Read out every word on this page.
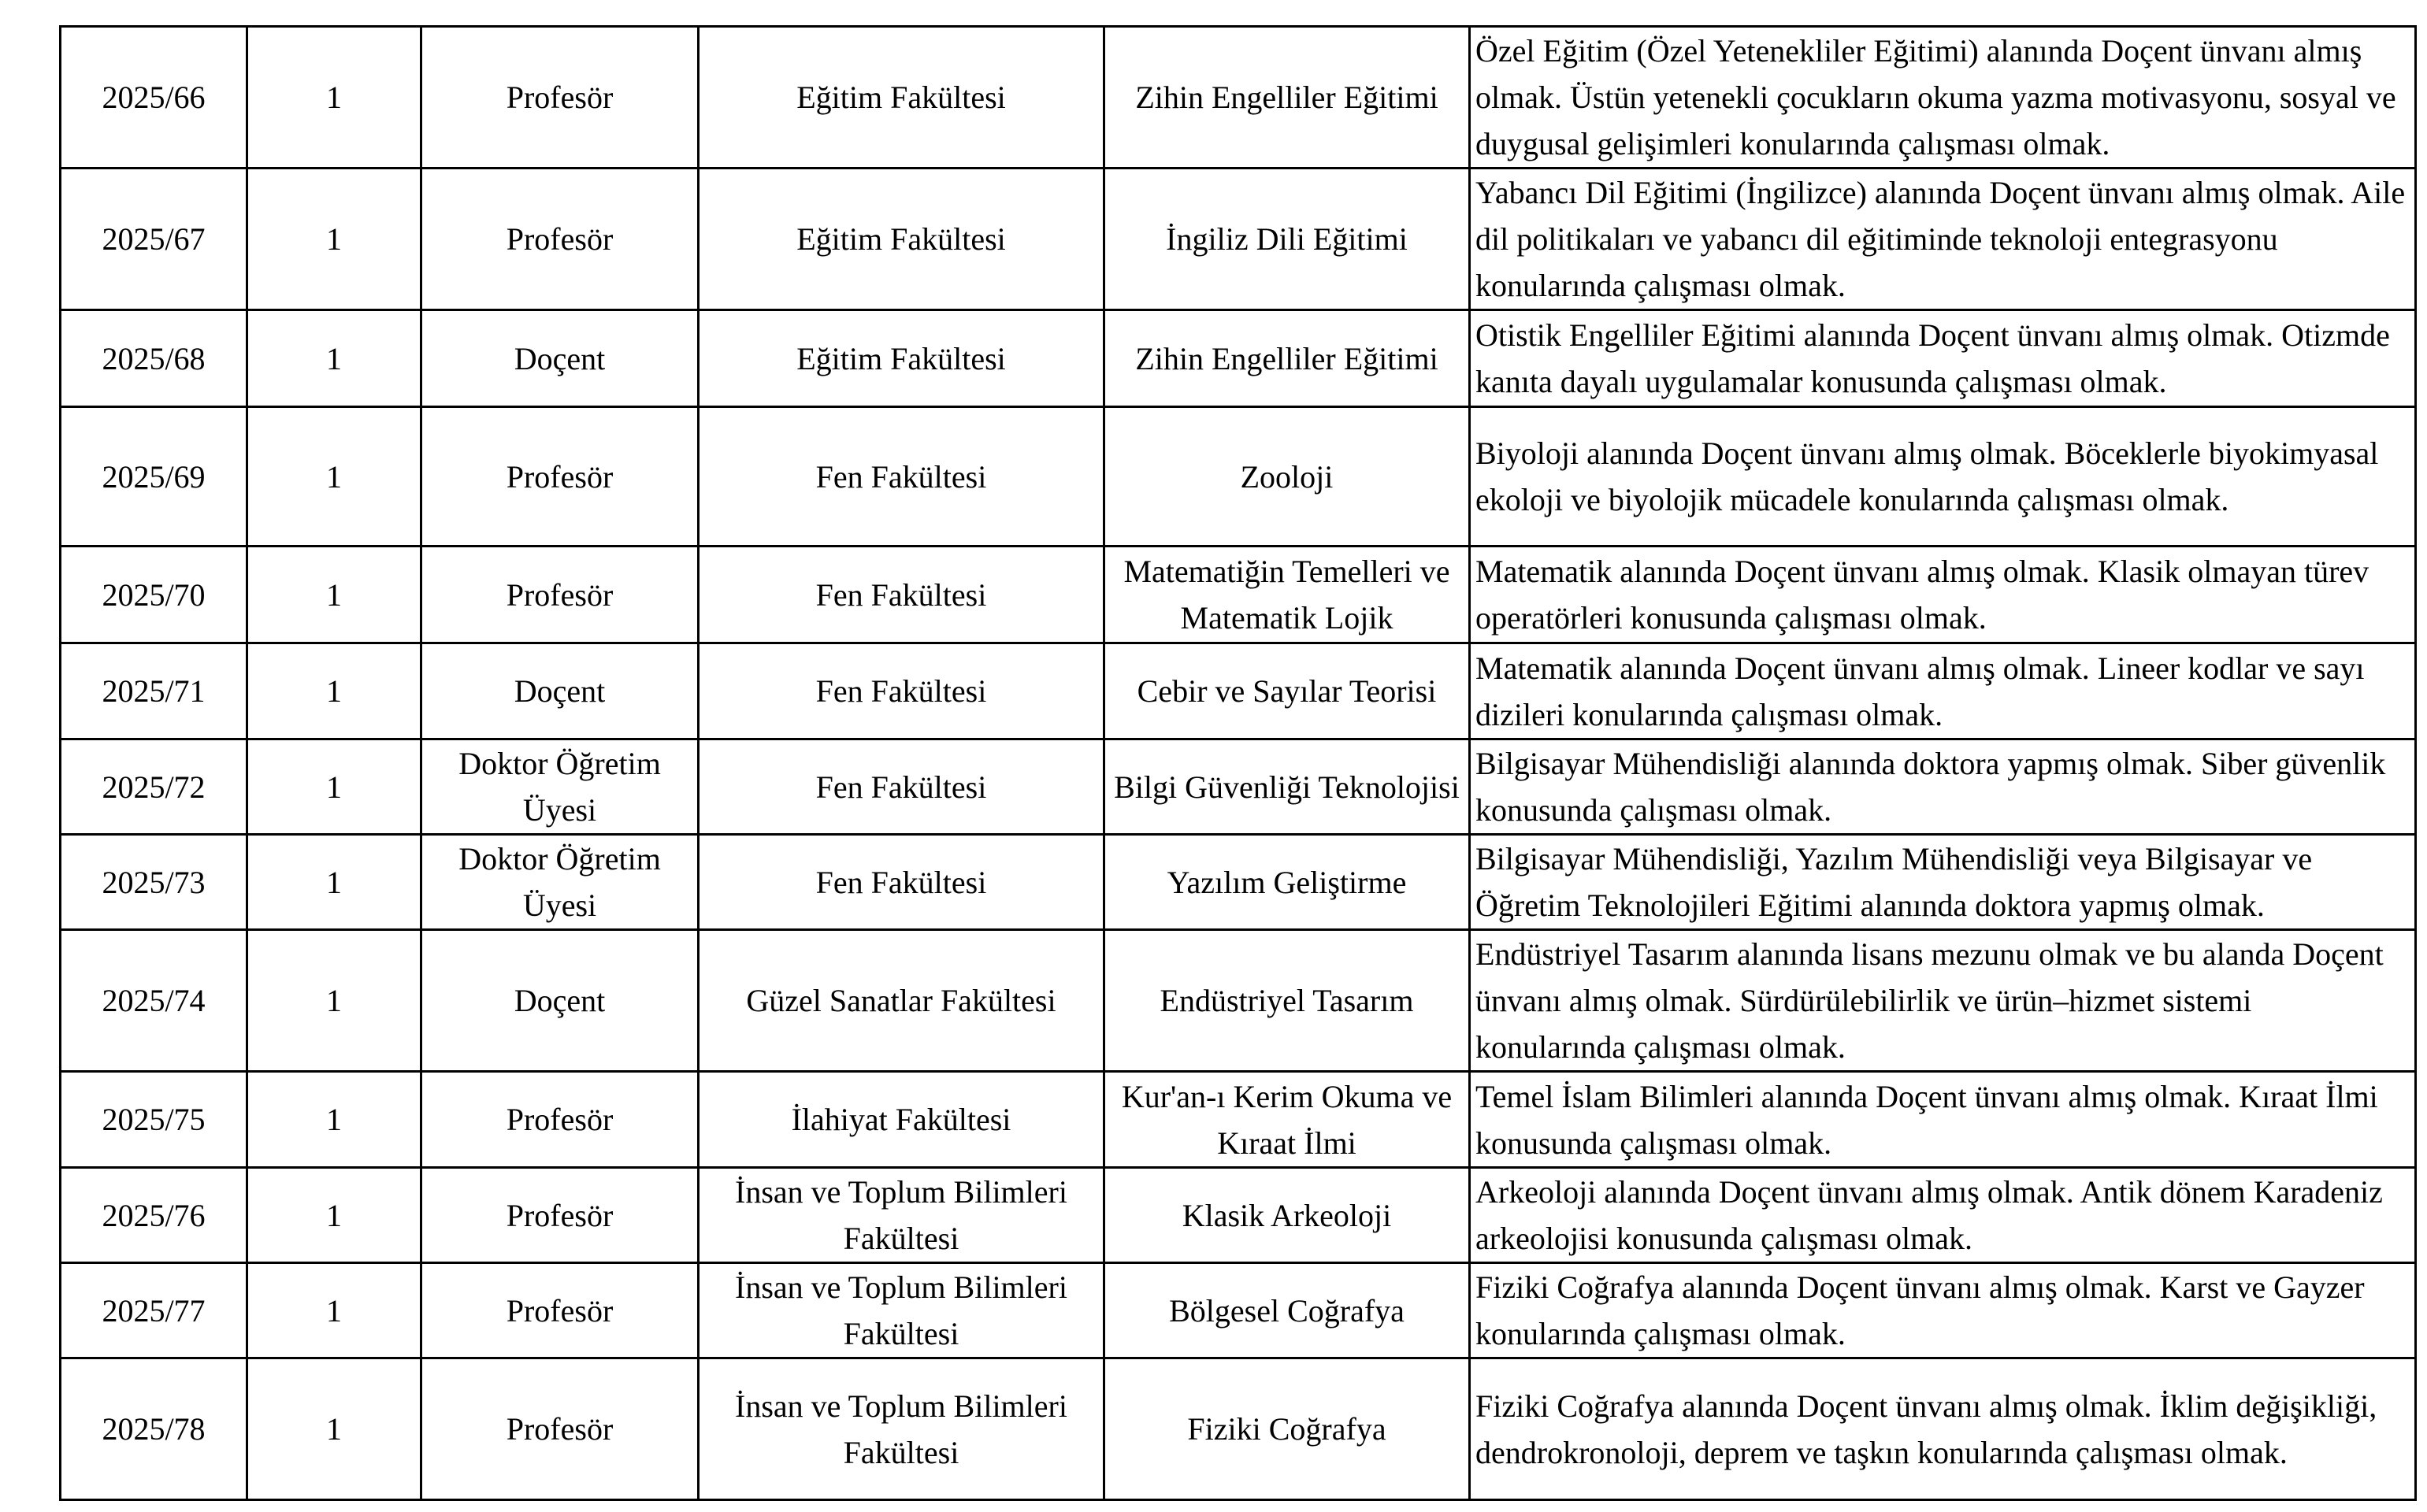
2025/66	1	Profesör	Eğitim Fakültesi	Zihin Engelliler Eğitimi	Özel Eğitim (Özel Yetenekliler Eğitimi) alanında Doçent ünvanı almış olmak. Üstün yetenekli çocukların okuma yazma motivasyonu, sosyal ve duygusal gelişimleri konularında çalışması olmak.
2025/67	1	Profesör	Eğitim Fakültesi	İngiliz Dili Eğitimi	Yabancı Dil Eğitimi (İngilizce) alanında Doçent ünvanı almış olmak. Aile dil politikaları ve yabancı dil eğitiminde teknoloji entegrasyonu konularında çalışması olmak.
2025/68	1	Doçent	Eğitim Fakültesi	Zihin Engelliler Eğitimi	Otistik Engelliler Eğitimi alanında Doçent ünvanı almış olmak. Otizmde kanıta dayalı uygulamalar konusunda çalışması olmak.
2025/69	1	Profesör	Fen Fakültesi	Zooloji	Biyoloji alanında Doçent ünvanı almış olmak. Böceklerle biyokimyasal ekoloji ve biyolojik mücadele konularında çalışması olmak.
2025/70	1	Profesör	Fen Fakültesi	Matematiğin Temelleri ve Matematik Lojik	Matematik alanında Doçent ünvanı almış olmak. Klasik olmayan türev operatörleri konusunda çalışması olmak.
2025/71	1	Doçent	Fen Fakültesi	Cebir ve Sayılar Teorisi	Matematik alanında Doçent ünvanı almış olmak. Lineer kodlar ve sayı dizileri konularında çalışması olmak.
2025/72	1	Doktor Öğretim Üyesi	Fen Fakültesi	Bilgi Güvenliği Teknolojisi	Bilgisayar Mühendisliği alanında doktora yapmış olmak. Siber güvenlik konusunda çalışması olmak.
2025/73	1	Doktor Öğretim Üyesi	Fen Fakültesi	Yazılım Geliştirme	Bilgisayar Mühendisliği, Yazılım Mühendisliği veya Bilgisayar ve Öğretim Teknolojileri Eğitimi alanında doktora yapmış olmak.
2025/74	1	Doçent	Güzel Sanatlar Fakültesi	Endüstriyel Tasarım	Endüstriyel Tasarım alanında lisans mezunu olmak ve bu alanda Doçent ünvanı almış olmak. Sürdürülebilirlik ve ürün–hizmet sistemi konularında çalışması olmak.
2025/75	1	Profesör	İlahiyat Fakültesi	Kur'an-ı Kerim Okuma ve Kıraat İlmi	Temel İslam Bilimleri alanında Doçent ünvanı almış olmak. Kıraat İlmi konusunda çalışması olmak.
2025/76	1	Profesör	İnsan ve Toplum Bilimleri Fakültesi	Klasik Arkeoloji	Arkeoloji alanında Doçent ünvanı almış olmak. Antik dönem Karadeniz arkeolojisi konusunda çalışması olmak.
2025/77	1	Profesör	İnsan ve Toplum Bilimleri Fakültesi	Bölgesel Coğrafya	Fiziki Coğrafya alanında Doçent ünvanı almış olmak. Karst ve Gayzer konularında çalışması olmak.
2025/78	1	Profesör	İnsan ve Toplum Bilimleri Fakültesi	Fiziki Coğrafya	Fiziki Coğrafya alanında Doçent ünvanı almış olmak. İklim değişikliği, dendrokronoloji, deprem ve taşkın konularında çalışması olmak.
